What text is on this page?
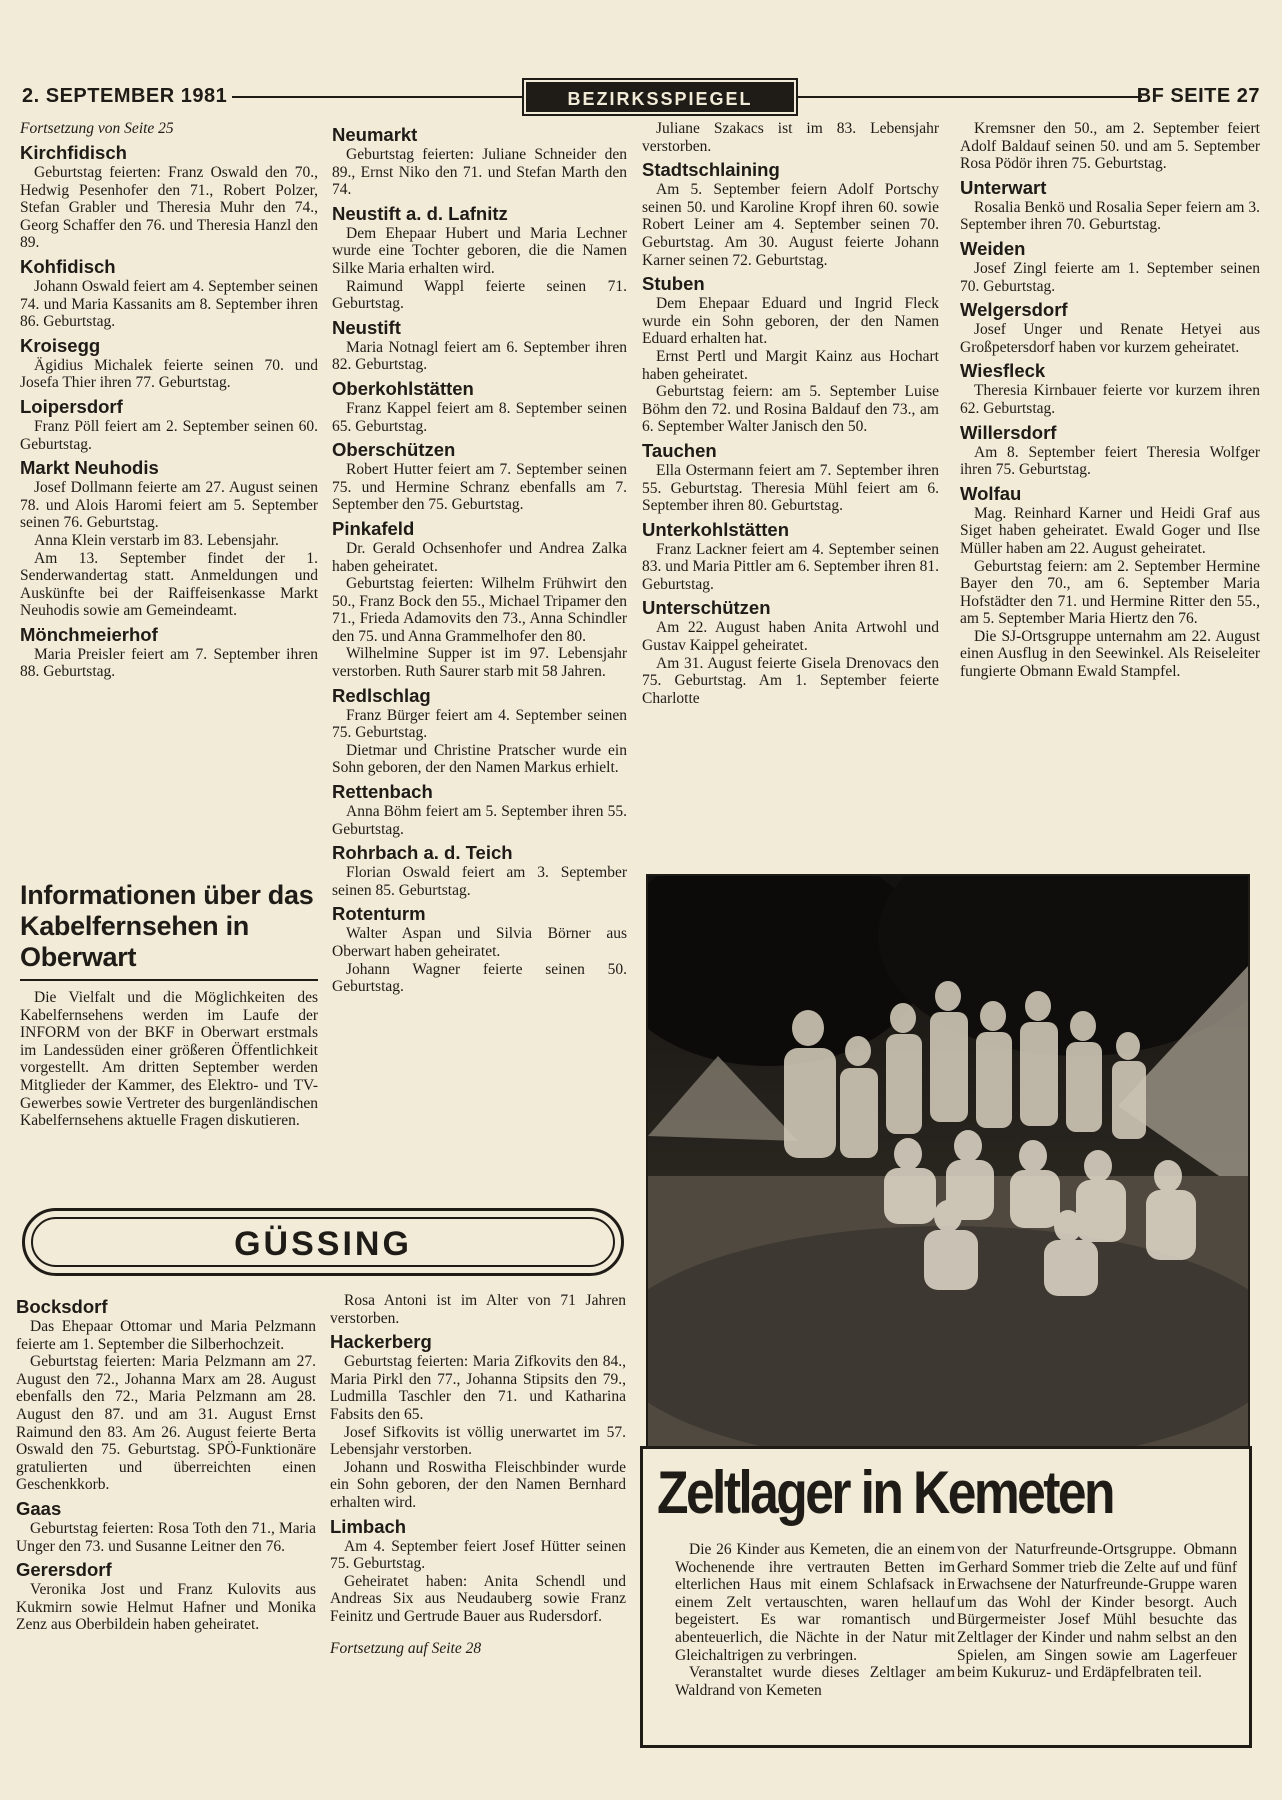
2. SEPTEMBER 1981	BEZIRKSSPIEGEL	BF SEITE 27
Fortsetzung von Seite 25
Kirchfidisch

Geburtstag feierten: Franz Oswald den 70., Hedwig Pesenhofer den 71., Robert Polzer, Stefan Grabler und Theresia Muhr den 74., Georg Schaffer den 76. und Theresia Hanzl den 89.

Kohfidisch

Johann Oswald feiert am 4. September seinen 74. und Maria Kassanits am 8. September ihren 86. Geburtstag.

Kroisegg

Ägidius Michalek feierte seinen 70. und Josefa Thier ihren 77. Geburtstag.

Loipersdorf

Franz Pöll feiert am 2. September seinen 60. Geburtstag.

Markt Neuhodis

Josef Dollmann feierte am 27. August seinen 78. und Alois Haromi feiert am 5. September seinen 76. Geburtstag.

Anna Klein verstarb im 83. Lebensjahr.

Am 13. September findet der 1. Senderwandertag statt. Anmeldungen und Auskünfte bei der Raiffeisenkasse Markt Neuhodis sowie am Gemeindeamt.

Mönchmeierhof

Maria Preisler feiert am 7. September ihren 88. Geburtstag.

Informationen über das Kabelfernsehen in Oberwart

Die Vielfalt und die Möglichkeiten des Kabelfernsehens werden im Laufe der INFORM von der BKF in Oberwart erstmals im Landessüden einer größeren Öffentlichkeit vorgestellt. Am dritten September werden Mitglieder der Kammer, des Elektro- und TV-Gewerbes sowie Vertreter des burgenländischen Kabelfernsehens aktuelle Fragen diskutieren.

Neumarkt

Geburtstag feierten: Juliane Schneider den 89., Ernst Niko den 71. und Stefan Marth den 74.

Neustift a. d. Lafnitz

Dem Ehepaar Hubert und Maria Lechner wurde eine Tochter geboren, die die Namen Silke Maria erhalten wird.

Raimund Wappl feierte seinen 71. Geburtstag.

Neustift

Maria Notnagl feiert am 6. September ihren 82. Geburtstag.

Oberkohlstätten

Franz Kappel feiert am 8. September seinen 65. Geburtstag.

Oberschützen

Robert Hutter feiert am 7. September seinen 75. und Hermine Schranz ebenfalls am 7. September den 75. Geburtstag.

Pinkafeld

Dr. Gerald Ochsenhofer und Andrea Zalka haben geheiratet.

Geburtstag feierten: Wilhelm Frühwirt den 50., Franz Bock den 55., Michael Tripamer den 71., Frieda Adamovits den 73., Anna Schindler den 75. und Anna Grammelhofer den 80.

Wilhelmine Supper ist im 97. Lebensjahr verstorben. Ruth Saurer starb mit 58 Jahren.

Redlschlag

Franz Bürger feiert am 4. September seinen 75. Geburtstag.

Dietmar und Christine Pratscher wurde ein Sohn geboren, der den Namen Markus erhielt.

Rettenbach

Anna Böhm feiert am 5. September ihren 55. Geburtstag.

Rohrbach a. d. Teich

Florian Oswald feiert am 3. September seinen 85. Geburtstag.

Rotenturm

Walter Aspan und Silvia Börner aus Oberwart haben geheiratet.

Johann Wagner feierte seinen 50. Geburtstag.

Juliane Szakacs ist im 83. Lebensjahr verstorben.

Stadtschlaining

Am 5. September feiern Adolf Portschy seinen 50. und Karoline Kropf ihren 60. sowie Robert Leiner am 4. September seinen 70. Geburtstag. Am 30. August feierte Johann Karner seinen 72. Geburtstag.

Stuben

Dem Ehepaar Eduard und Ingrid Fleck wurde ein Sohn geboren, der den Namen Eduard erhalten hat.

Ernst Pertl und Margit Kainz aus Hochart haben geheiratet.

Geburtstag feiern: am 5. September Luise Böhm den 72. und Rosina Baldauf den 73., am 6. September Walter Janisch den 50.

Tauchen

Ella Ostermann feiert am 7. September ihren 55. Geburtstag. Theresia Mühl feiert am 6. September ihren 80. Geburtstag.

Unterkohlstätten

Franz Lackner feiert am 4. September seinen 83. und Maria Pittler am 6. September ihren 81. Geburtstag.

Unterschützen

Am 22. August haben Anita Artwohl und Gustav Kaippel geheiratet.

Am 31. August feierte Gisela Drenovacs den 75. Geburtstag. Am 1. September feierte Charlotte

Kremsner den 50., am 2. September feiert Adolf Baldauf seinen 50. und am 5. September Rosa Pödör ihren 75. Geburtstag.

Unterwart

Rosalia Benkö und Rosalia Seper feiern am 3. September ihren 70. Geburtstag.

Weiden

Josef Zingl feierte am 1. September seinen 70. Geburtstag.

Welgersdorf

Josef Unger und Renate Hetyei aus Großpetersdorf haben vor kurzem geheiratet.

Wiesfleck

Theresia Kirnbauer feierte vor kurzem ihren 62. Geburtstag.

Willersdorf

Am 8. September feiert Theresia Wolfger ihren 75. Geburtstag.

Wolfau

Mag. Reinhard Karner und Heidi Graf aus Siget haben geheiratet. Ewald Goger und Ilse Müller haben am 22. August geheiratet.

Geburtstag feiern: am 2. September Hermine Bayer den 70., am 6. September Maria Hofstädter den 71. und Hermine Ritter den 55., am 5. September Maria Hiertz den 76.

Die SJ-Ortsgruppe unternahm am 22. August einen Ausflug in den Seewinkel. Als Reiseleiter fungierte Obmann Ewald Stampfel.

GÜSSING
Bocksdorf

Das Ehepaar Ottomar und Maria Pelzmann feierte am 1. September die Silberhochzeit.

Geburtstag feierten: Maria Pelzmann am 27. August den 72., Johanna Marx am 28. August ebenfalls den 72., Maria Pelzmann am 28. August den 87. und am 31. August Ernst Raimund den 83. Am 26. August feierte Berta Oswald den 75. Geburtstag. SPÖ-Funktionäre gratulierten und überreichten einen Geschenkkorb.

Gaas

Geburtstag feierten: Rosa Toth den 71., Maria Unger den 73. und Susanne Leitner den 76.

Gerersdorf

Veronika Jost und Franz Kulovits aus Kukmirn sowie Helmut Hafner und Monika Zenz aus Oberbildein haben geheiratet.

Rosa Antoni ist im Alter von 71 Jahren verstorben.

Hackerberg

Geburtstag feierten: Maria Zifkovits den 84., Maria Pirkl den 77., Johanna Stipsits den 79., Ludmilla Taschler den 71. und Katharina Fabsits den 65.

Josef Sifkovits ist völlig unerwartet im 57. Lebensjahr verstorben.

Johann und Roswitha Fleischbinder wurde ein Sohn geboren, der den Namen Bernhard erhalten wird.

Limbach

Am 4. September feiert Josef Hütter seinen 75. Geburtstag.

Geheiratet haben: Anita Schendl und Andreas Six aus Neudauberg sowie Franz Feinitz und Gertrude Bauer aus Rudersdorf.

Fortsetzung auf Seite 28

Zeltlager in Kemeten

Die 26 Kinder aus Kemeten, die an einem Wochenende ihre vertrauten Betten im elterlichen Haus mit einem Schlafsack in einem Zelt vertauschten, waren hellauf begeistert. Es war romantisch und abenteuerlich, die Nächte in der Natur mit Gleichaltrigen zu verbringen.

Veranstaltet wurde dieses Zeltlager am Waldrand von Kemeten

von der Naturfreunde-Ortsgruppe. Obmann Gerhard Sommer trieb die Zelte auf und fünf Erwachsene der Naturfreunde-Gruppe waren um das Wohl der Kinder besorgt. Auch Bürgermeister Josef Mühl besuchte das Zeltlager der Kinder und nahm selbst an den Spielen, am Singen sowie am Lagerfeuer beim Kukuruz- und Erdäpfelbraten teil.
